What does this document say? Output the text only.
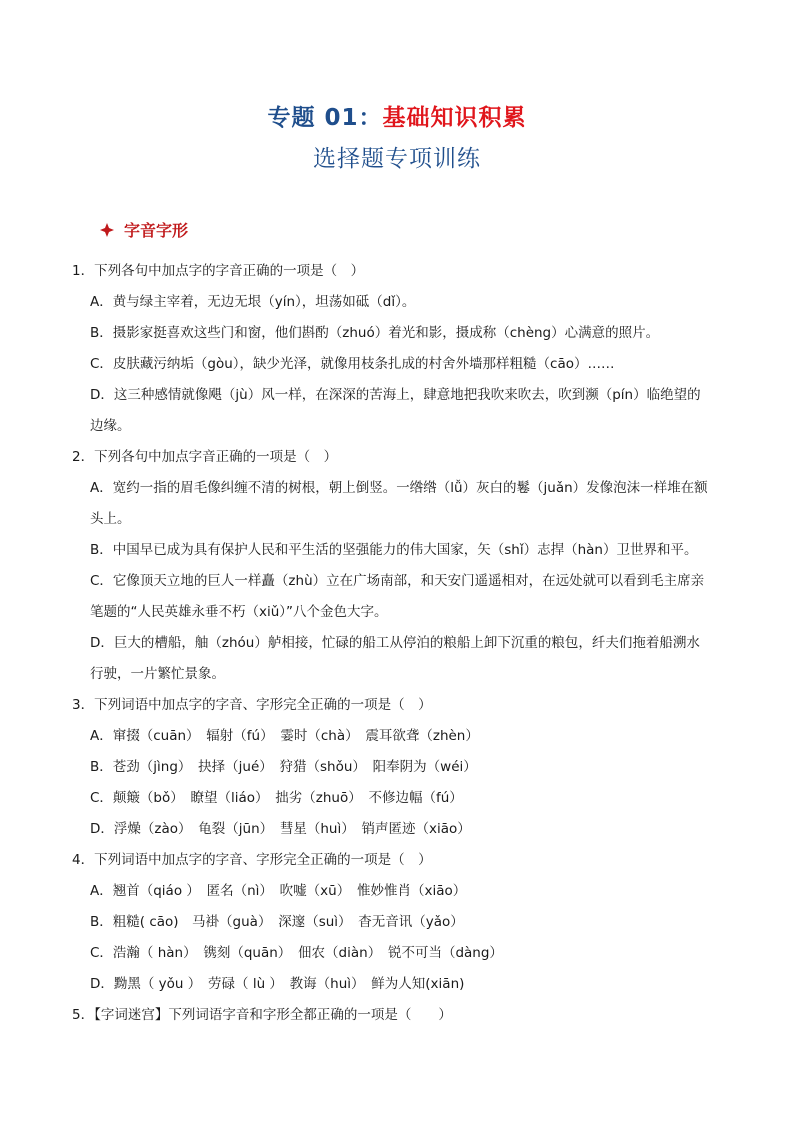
专题 01：基础知识积累
选择题专项训练
字音字形
1．下列各句中加点字的字音正确的一项是（　）
A．黄与绿主宰着，无边无垠（yín），坦荡如砥（dǐ）。
B．摄影家挺喜欢这些门和窗，他们斟酌（zhuó）着光和影，摄成称（chèng）心满意的照片。
C．皮肤藏污纳垢（gòu），缺少光泽，就像用枝条扎成的村舍外墙那样粗糙（cāo）……
D．这三种感情就像飓（jù）风一样，在深深的苦海上，肆意地把我吹来吹去，吹到濒（pín）临绝望的
边缘。
2．下列各句中加点字音正确的一项是（　）
A．宽约一指的眉毛像纠缠不清的树根，朝上倒竖。一绺绺（lǚ）灰白的鬈（juǎn）发像泡沫一样堆在额
头上。
B．中国早已成为具有保护人民和平生活的坚强能力的伟大国家，矢（shǐ）志捍（hàn）卫世界和平。
C．它像顶天立地的巨人一样矗（zhù）立在广场南部，和天安门遥遥相对，在远处就可以看到毛主席亲
笔题的“人民英雄永垂不朽（xiǔ）”八个金色大字。
D．巨大的槽船，舳（zhóu）舻相接，忙碌的船工从停泊的粮船上卸下沉重的粮包，纤夫们拖着船溯水
行驶，一片繁忙景象。
3．下列词语中加点字的字音、字形完全正确的一项是（　）
A．窜掇（cuān）　辐射（fú）　霎时（chà）　震耳欲聋（zhèn）
B．苍劲（jìng）　抉择（jué）　狩猎（shǒu）　阳奉阴为（wéi）
C．颠簸（bǒ）　瞭望（liáo）　拙劣（zhuō）　不修边幅（fú）
D．浮燥（zào）　龟裂（jūn）　彗星（huì）　销声匿迹（xiāo）
4．下列词语中加点字的字音、字形完全正确的一项是（　）
A．翘首（qiáo ）　匿名（nì）　吹嘘（xū）　惟妙惟肖（xiāo）
B．粗糙( cāo)　马褂（guà）　深邃（suì）　杳无音讯（yǎo）
C．浩瀚（ hàn）　镌刻（quān）　佃农（diàn）　锐不可当（dàng）
D．黝黑（ yǒu ）　劳碌（ lù ）　教诲（huì）　鲜为人知(xiān)
5．【字词迷宫】下列词语字音和字形全都正确的一项是（　　）
